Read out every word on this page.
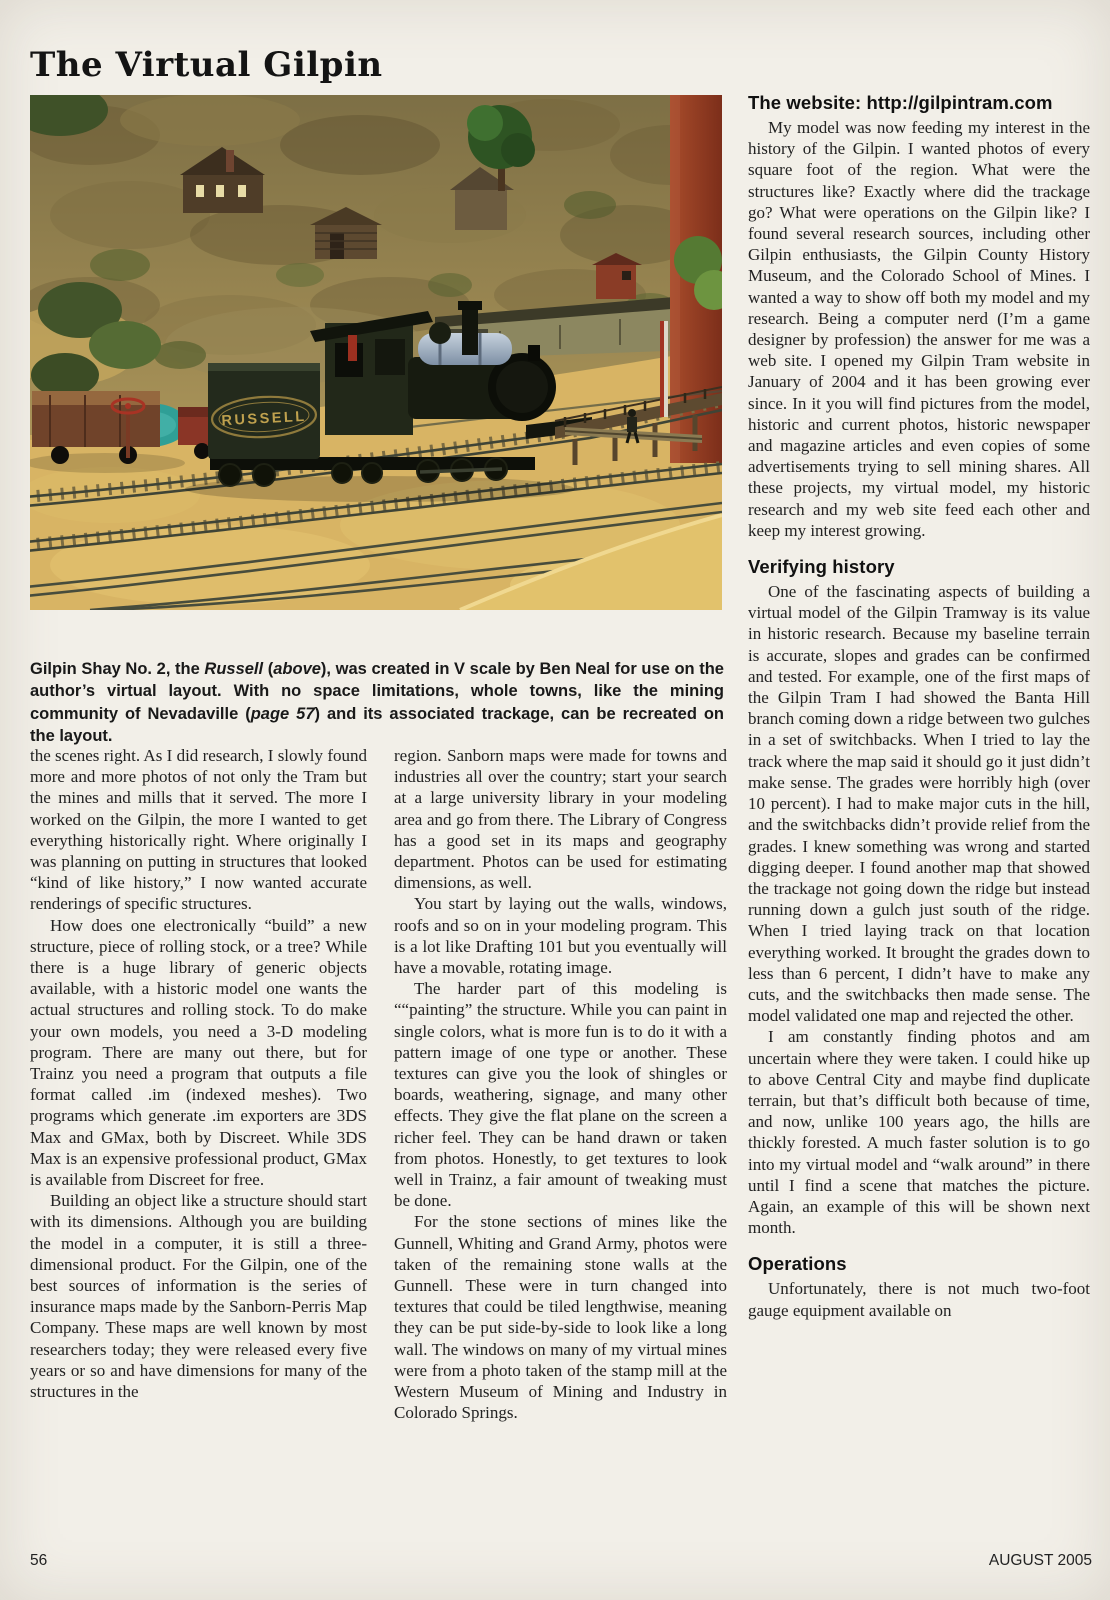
The Virtual Gilpin
RUSSELL

Gilpin Shay No. 2, the Russell (above), was created in V scale by Ben Neal for use on the author’s virtual layout. With no space limitations, whole towns, like the mining community of Nevadaville (page 57) and its associated trackage, can be recreated on the layout.

The website: http://gilpintram.com

My model was now feeding my interest in the history of the Gilpin. I wanted photos of every square foot of the region. What were the structures like? Exactly where did the trackage go? What were operations on the Gilpin like? I found several research sources, including other Gilpin enthusiasts, the Gilpin County History Museum, and the Colorado School of Mines. I wanted a way to show off both my model and my research. Being a computer nerd (I’m a game designer by profession) the answer for me was a web site. I opened my Gilpin Tram website in January of 2004 and it has been growing ever since. In it you will find pictures from the model, historic and current photos, historic newspaper and magazine articles and even copies of some advertisements trying to sell mining shares. All these projects, my virtual model, my historic research and my web site feed each other and keep my interest growing.

Verifying history

One of the fascinating aspects of building a virtual model of the Gilpin Tramway is its value in historic research. Because my baseline terrain is accurate, slopes and grades can be confirmed and tested. For example, one of the first maps of the Gilpin Tram I had showed the Banta Hill branch coming down a ridge between two gulches in a set of switchbacks. When I tried to lay the track where the map said it should go it just didn’t make sense. The grades were horribly high (over 10 percent). I had to make major cuts in the hill, and the switchbacks didn’t provide relief from the grades. I knew something was wrong and started digging deeper. I found another map that showed the trackage not going down the ridge but instead running down a gulch just south of the ridge. When I tried laying track on that location everything worked. It brought the grades down to less than 6 percent, I didn’t have to make any cuts, and the switchbacks then made sense. The model validated one map and rejected the other.

I am constantly finding photos and am uncertain where they were taken. I could hike up to above Central City and maybe find duplicate terrain, but that’s difficult both because of time, and now, unlike 100 years ago, the hills are thickly forested. A much faster solution is to go into my virtual model and “walk around” in there until I find a scene that matches the picture. Again, an example of this will be shown next month.

Operations

Unfortunately, there is not much two-foot gauge equipment available on

the scenes right. As I did research, I slowly found more and more photos of not only the Tram but the mines and mills that it served. The more I worked on the Gilpin, the more I wanted to get everything historically right. Where originally I was planning on putting in structures that looked “kind of like history,” I now wanted accurate renderings of specific structures.

How does one electronically “build” a new structure, piece of rolling stock, or a tree? While there is a huge library of generic objects available, with a historic model one wants the actual structures and rolling stock. To do make your own models, you need a 3-D modeling program. There are many out there, but for Trainz you need a program that outputs a file format called .im (indexed meshes). Two programs which generate .im exporters are 3DS Max and GMax, both by Discreet. While 3DS Max is an expensive professional product, GMax is available from Discreet for free.

Building an object like a structure should start with its dimensions. Although you are building the model in a computer, it is still a three-dimensional product. For the Gilpin, one of the best sources of information is the series of insurance maps made by the Sanborn-Perris Map Company. These maps are well known by most researchers today; they were released every five years or so and have dimensions for many of the structures in the

region. Sanborn maps were made for towns and industries all over the country; start your search at a large university library in your modeling area and go from there. The Library of Congress has a good set in its maps and geography department. Photos can be used for estimating dimensions, as well.

You start by laying out the walls, windows, roofs and so on in your modeling program. This is a lot like Drafting 101 but you eventually will have a movable, rotating image.

The harder part of this modeling is ““painting” the structure. While you can paint in single colors, what is more fun is to do it with a pattern image of one type or another. These textures can give you the look of shingles or boards, weathering, signage, and many other effects. They give the flat plane on the screen a richer feel. They can be hand drawn or taken from photos. Honestly, to get textures to look well in Trainz, a fair amount of tweaking must be done.

For the stone sections of mines like the Gunnell, Whiting and Grand Army, photos were taken of the remaining stone walls at the Gunnell. These were in turn changed into textures that could be tiled lengthwise, meaning they can be put side-by-side to look like a long wall. The windows on many of my virtual mines were from a photo taken of the stamp mill at the Western Museum of Mining and Industry in Colorado Springs.

56	AUGUST 2005
